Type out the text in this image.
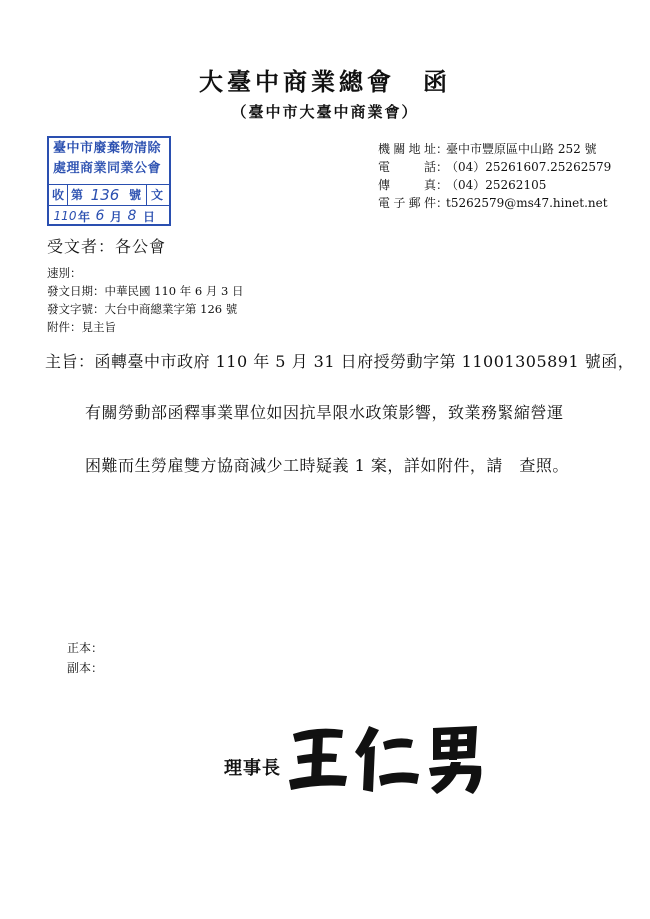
大臺中商業總會　函
（臺中市大臺中商業會）
臺中市廢棄物清除
處理商業同業公會
收 第 136 號 文
110 年 6 月 8 日
機關地址 ：
臺中市豐原區中山路 252 號
電　　話 ：
（04）25261607.25262579
傳　　真 ：
（04）25262105
電子郵件 ：
t5262579@ms47.hinet.net
受文者：各公會
速別：
發文日期：中華民國 110 年 6 月 3 日
發文字號：大台中商總業字第 126 號
附件：見主旨
主旨：函轉臺中市政府 110 年 5 月 31 日府授勞動字第 11001305891 號函，
有關勞動部函釋事業單位如因抗旱限水政策影響，致業務緊縮營運
困難而生勞雇雙方協商減少工時疑義 1 案，詳如附件，請　查照。
正本：
副本：
理事長
